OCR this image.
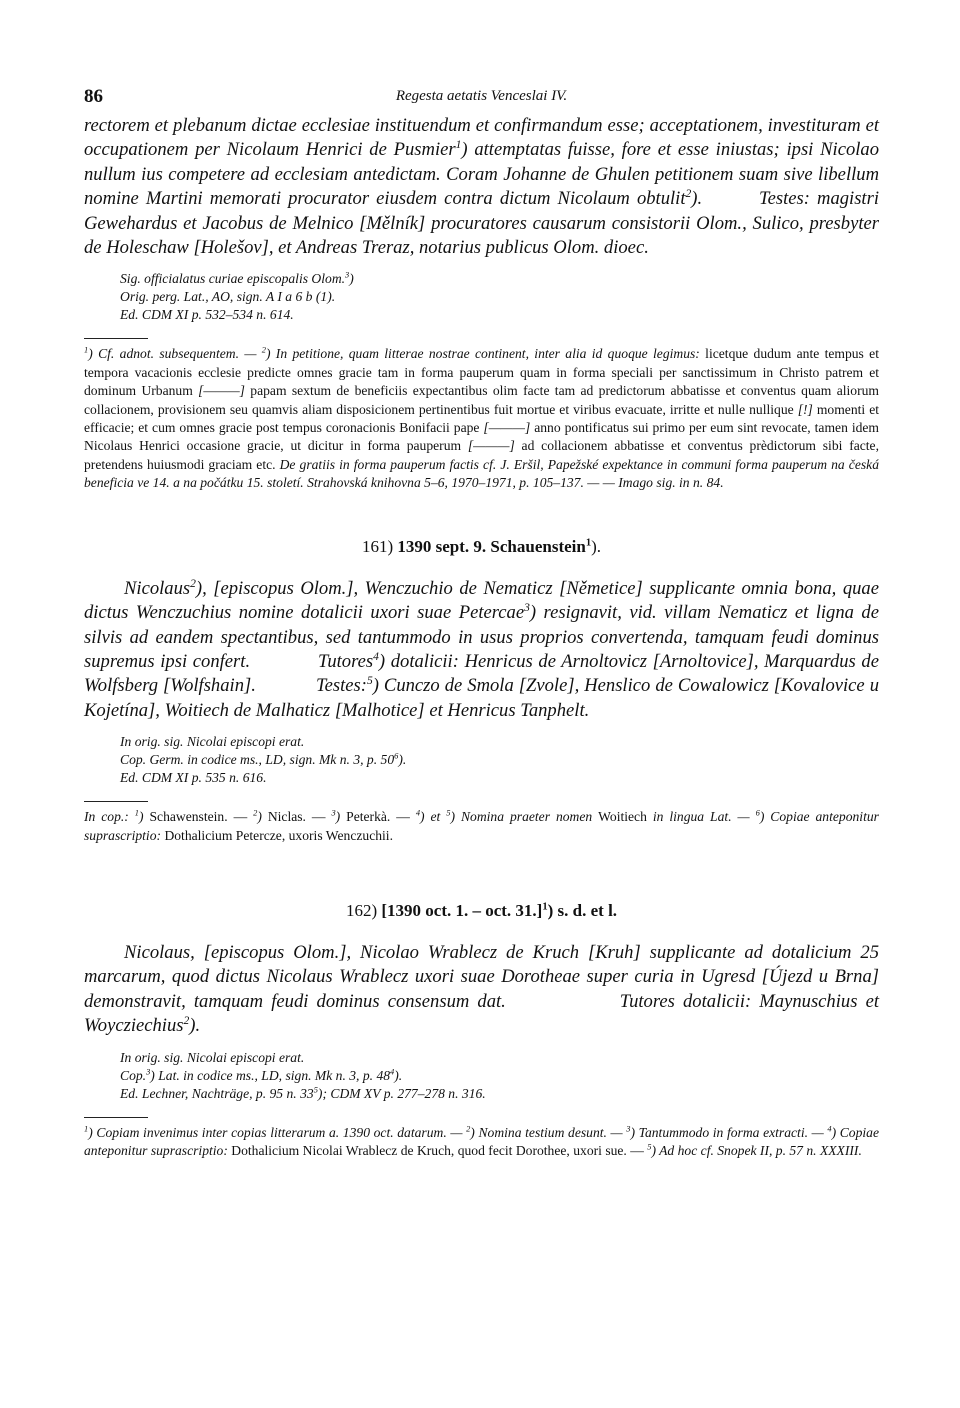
86	Regesta aetatis Venceslai IV.

rectorem et plebanum dictae ecclesiae instituendum et confirmandum esse; acceptationem, investituram et occupationem per Nicolaum Henrici de Pusmier$^1$) attemptatas fuisse, fore et esse iniustas; ipsi Nicolao nullum ius competere ad ecclesiam antedictam. Coram Johanne de Ghulen petitionem suam sive libellum nomine Martini memorati procurator eiusdem contra dictum Nicolaum obtulit$^2$).        Testes: magistri Gewehardus et Jacobus de Melnico [Mělník] procuratores causarum consistorii Olom., Sulico, presbyter de Holeschaw [Holešov], et Andreas Treraz, notarius publicus Olom. dioec.

Sig. officialatus curiae episcopalis Olom.$^3$)
Orig. perg. Lat., AO, sign. A I a 6 b (1).
Ed. CDM XI p. 532–534 n. 614.

$^1$) Cf. adnot. subsequentem. — $^2$) In petitione, quam litterae nostrae continent, inter alia id quoque legimus: licetque dudum ante tempus et tempora vacacionis ecclesie predicte omnes gracie tam in forma pauperum quam in forma speciali per sanctissimum in Christo patrem et dominum Urbanum [———] papam sextum de beneficiis expectantibus olim facte tam ad predictorum abbatisse et conventus quam aliorum collacionem, provisionem seu quamvis aliam disposicionem pertinentibus fuit mortue et viribus evacuate, irritte et nulle nullique [!] momenti et efficacie; et cum omnes gracie post tempus coronacionis Bonifacii pape [———] anno pontificatus sui primo per eum sint revocate, tamen idem Nicolaus Henrici occasione gracie, ut dicitur in forma pauperum [———] ad collacionem abbatisse et conventus prèdictorum sibi facte, pretendens huiusmodi graciam etc. De gratiis in forma pauperum factis cf. J. Eršil, Papežské expektance in communi forma pauperum na česká beneficia ve 14. a na počátku 15. století. Strahovská knihovna 5–6, 1970–1971, p. 105–137. — — Imago sig. in n. 84.

161) 1390 sept. 9. Schauenstein$^1$).

Nicolaus$^2$), [episcopus Olom.], Wenczuchio de Nematicz [Němetice] supplicante omnia bona, quae dictus Wenczuchius nomine dotalicii uxori suae Petercae$^3$) resignavit, vid. villam Nematicz et ligna de silvis ad eandem spectantibus, sed tantummodo in usus proprios convertenda, tamquam feudi dominus supremus ipsi confert.            Tutores$^4$) dotalicii: Henricus de Arnoltovicz [Arnoltovice], Marquardus de Wolfsberg [Wolfshain].            Testes:$^5$) Cunczo de Smola [Zvole], Henslico de Cowalowicz [Kovalovice u Kojetína], Woitiech de Malhaticz [Malhotice] et Henricus Tanphelt.

In orig. sig. Nicolai episcopi erat.
Cop. Germ. in codice ms., LD, sign. Mk n. 3, p. $50^6$).
Ed. CDM XI p. 535 n. 616.

In cop.: $^1$) Schawenstein. — $^2$) Niclas. — $^3$) Peterkà. — $^4$) et $^5$) Nomina praeter nomen Woitiech in lingua Lat. — $^6$) Copiae anteponitur suprascriptio: Dothalicium Petercze, uxoris Wenczuchii.

162) [1390 oct. 1. – oct. 31.]$^1$) s. d. et l.

Nicolaus, [episcopus Olom.], Nicolao Wrablecz de Kruch [Kruh] supplicante ad dotalicium 25 marcarum, quod dictus Nicolaus Wrablecz uxori suae Dorotheae super curia in Ugresd [Újezd u Brna] demonstravit, tamquam feudi dominus consensum dat.              Tutores dotalicii: Maynuschius et Woycziechius$^2$).

In orig. sig. Nicolai episcopi erat.
Cop.$^3$) Lat. in codice ms., LD, sign. Mk n. 3, p. $48^4$).
Ed. Lechner, Nachträge, p. 95 n. $33^5$); CDM XV p. 277–278 n. 316.

$^1$) Copiam invenimus inter copias litterarum a. 1390 oct. datarum. — $^2$) Nomina testium desunt. — $^3$) Tantummodo in forma extracti. — $^4$) Copiae anteponitur suprascriptio: Dothalicium Nicolai Wrablecz de Kruch, quod fecit Dorothee, uxori sue. — $^5$) Ad hoc cf. Snopek II, p. 57 n. XXXIII.
